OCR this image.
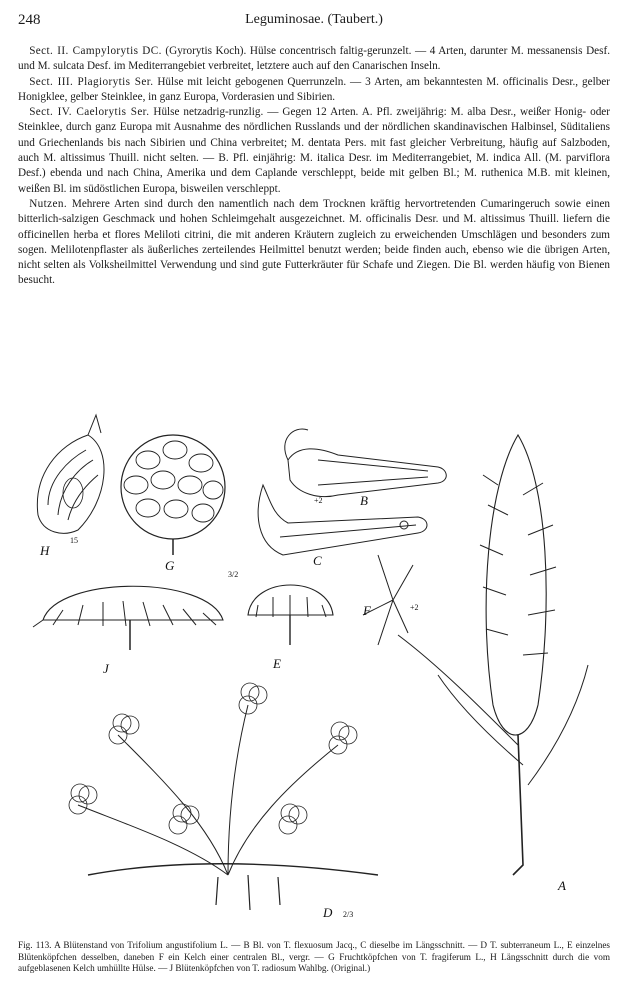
248	Leguminosae. (Taubert.)

 Sect. II. Campylorytis DC. (Gyrorytis Koch). Hülse concentrisch faltig-gerunzelt. — 4 Arten, darunter M. messanensis Desf. und M. sulcata Desf. im Mediterrangebiet verbreitet, letztere auch auf den Canarischen Inseln.

 Sect. III. Plagiorytis Ser. Hülse mit leicht gebogenen Querrunzeln. — 3 Arten, am bekanntesten M. officinalis Desr., gelber Honigklee, gelber Steinklee, in ganz Europa, Vorderasien und Sibirien.

 Sect. IV. Caelorytis Ser. Hülse netzadrig-runzlig. — Gegen 12 Arten. A. Pfl. zweijährig: M. alba Desr., weißer Honig- oder Steinklee, durch ganz Europa mit Ausnahme des nördlichen Russlands und der nördlichen skandinavischen Halbinsel, Süditaliens und Griechenlands bis nach Sibirien und China verbreitet; M. dentata Pers. mit fast gleicher Verbreitung, häufig auf Salzboden, auch M. altissimus Thuill. nicht selten. — B. Pfl. einjährig: M. italica Desr. im Mediterrangebiet, M. indica All. (M. parviflora Desf.) ebenda und nach China, Amerika und dem Caplande verschleppt, beide mit gelben Bl.; M. ruthenica M.B. mit kleinen, weißen Bl. im südöstlichen Europa, bisweilen verschleppt.

 Nutzen. Mehrere Arten sind durch den namentlich nach dem Trocknen kräftig hervortretenden Cumaringeruch sowie einen bitterlich-salzigen Geschmack und hohen Schleimgehalt ausgezeichnet. M. officinalis Desr. und M. altissimus Thuill. liefern die officinellen herba et flores Meliloti citrini, die mit anderen Kräutern zugleich zu erweichenden Umschlägen und besonders zum sogen. Melilotenpflaster als äußerliches zerteilendes Heilmittel benutzt werden; beide finden auch, ebenso wie die übrigen Arten, nicht selten als Volksheilmittel Verwendung und sind gute Futterkräuter für Schafe und Ziegen. Die Bl. werden häufig von Bienen besucht.

H
15
G
B
+2
C
3/2
J	E
F	+2
A
D 2/3
Fig. 113. A Blütenstand von Trifolium angustifolium L. — B Bl. von T. flexuosum Jacq., C dieselbe im Längsschnitt. — D T. subterraneum L., E einzelnes Blütenköpfchen desselben, daneben F ein Kelch einer centralen Bl., vergr. — G Fruchtköpfchen von T. fragiferum L., H Längsschnitt durch die vom aufgeblasenen Kelch umhüllte Hülse. — J Blütenköpfchen von T. radiosum Wahlbg. (Original.)
